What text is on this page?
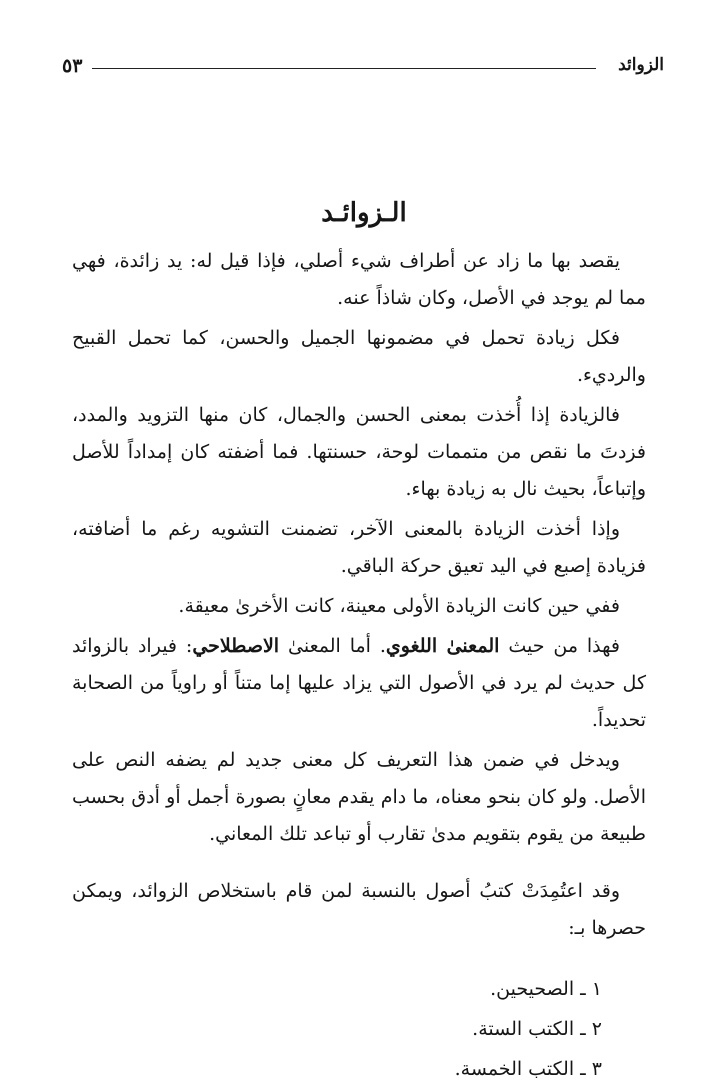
٥٣	الزوائد
الـزوائـد

يقصد بها ما زاد عن أطراف شيء أصلي، فإذا قيل له: يد زائدة، فهي مما لم يوجد في الأصل، وكان شاذاً عنه.

فكل زيادة تحمل في مضمونها الجميل والحسن، كما تحمل القبيح والرديء.

فالزيادة إذا أُخذت بمعنى الحسن والجمال، كان منها التزويد والمدد، فزدتَ ما نقص من متممات لوحة، حسنتها. فما أضفته كان إمداداً للأصل وإتباعاً، بحيث نال به زيادة بهاء.

وإذا أخذت الزيادة بالمعنى الآخر، تضمنت التشويه رغم ما أضافته، فزيادة إصبع في اليد تعيق حركة الباقي.

ففي حين كانت الزيادة الأولى معينة، كانت الأخرىٰ معيقة.

فهذا من حيث المعنىٰ اللغوي. أما المعنىٰ الاصطلاحي: فيراد بالزوائد كل حديث لم يرد في الأصول التي يزاد عليها إما متناً أو راوياً من الصحابة تحديداً.

ويدخل في ضمن هذا التعريف كل معنى جديد لم يضفه النص على الأصل. ولو كان بنحو معناه، ما دام يقدم معانٍ بصورة أجمل أو أدق بحسب طبيعة من يقوم بتقويم مدىٰ تقارب أو تباعد تلك المعاني.

وقد اعتُمِدَتْ كتبُ أصول بالنسبة لمن قام باستخلاص الزوائد، ويمكن حصرها بـ:

١ ـ الصحيحين.
٢ ـ الكتب الستة.
٣ ـ الكتب الخمسة.
